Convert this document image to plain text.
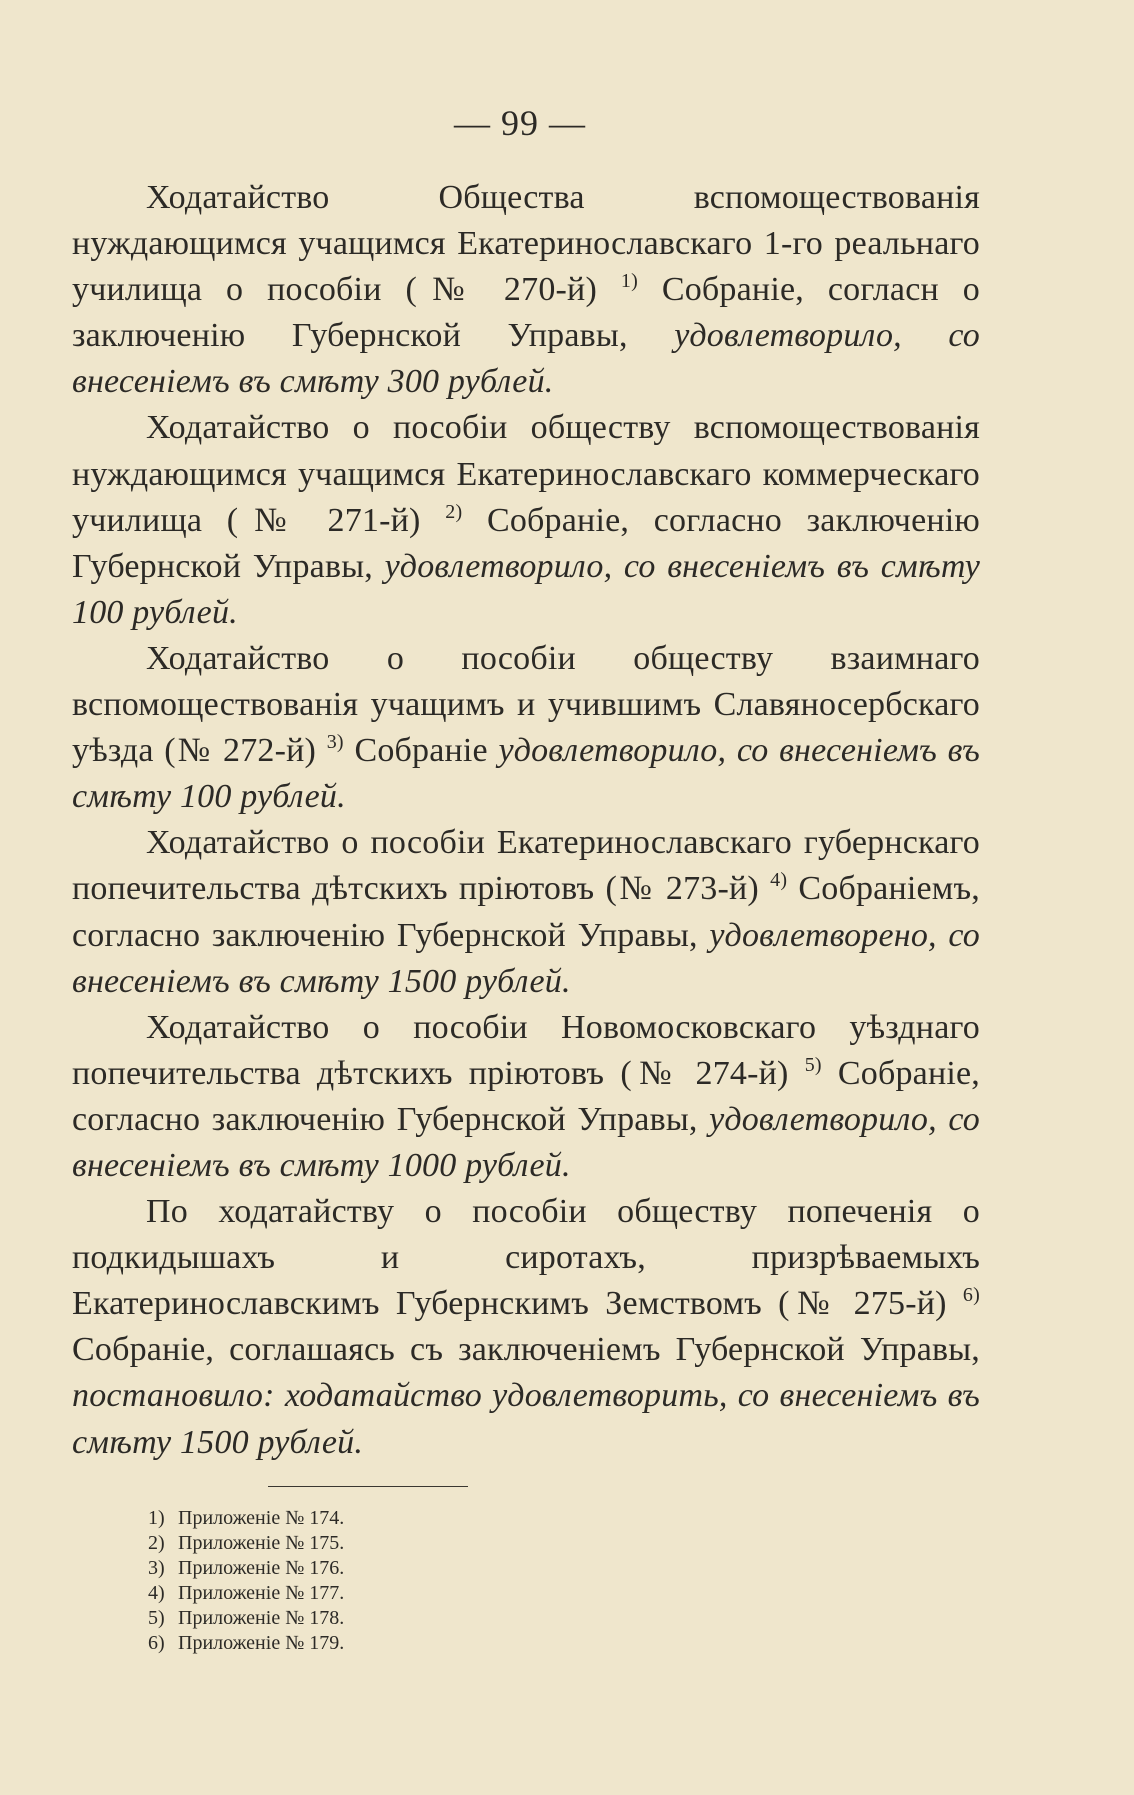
— 99 —

Ходатайство Общества вспомоществованія нуждающимся учащимся Екатеринославскаго 1-го реальнаго училища о пособіи (№ 270-й) $^{1)}$ Собраніе, согласн о заключенію Губернской Управы, удовлетворило, со внесеніемъ въ смѣту 300 рублей.

Ходатайство о пособіи обществу вспомоществованія нуждающимся учащимся Екатеринославскаго коммерческаго училища (№ 271-й) $^{2)}$ Собраніе, согласно заключенію Губернской Управы, удовлетворило, со внесеніемъ въ смѣту 100 рублей.

Ходатайство о пособіи обществу взаимнаго вспомоществованія учащимъ и учившимъ Славяносербскаго уѣзда (№ 272-й) $^{3)}$ Собраніе удовлетворило, со внесеніемъ въ смѣту 100 рублей.

Ходатайство о пособіи Екатеринославскаго губернскаго попечительства дѣтскихъ пріютовъ (№ 273-й) $^{4)}$ Собраніемъ, согласно заключенію Губернской Управы, удовлетворено, со внесеніемъ въ смѣту 1500 рублей.

Ходатайство о пособіи Новомосковскаго уѣзднаго попечительства дѣтскихъ пріютовъ (№ 274-й) $^{5)}$ Собраніе, согласно заключенію Губернской Управы, удовлетворило, со внесеніемъ въ смѣту 1000 рублей.

По ходатайству о пособіи обществу попеченія о подкидышахъ и сиротахъ, призрѣваемыхъ Екатеринославскимъ Губернскимъ Земствомъ (№ 275-й) $^{6)}$ Собраніе, соглашаясь съ заключеніемъ Губернской Управы, постановило: ходатайство удовлетворить, со внесеніемъ въ смѣту 1500 рублей.

1) Приложеніе № 174.
2) Приложеніе № 175.
3) Приложеніе № 176.
4) Приложеніе № 177.
5) Приложеніе № 178.
6) Приложеніе № 179.
